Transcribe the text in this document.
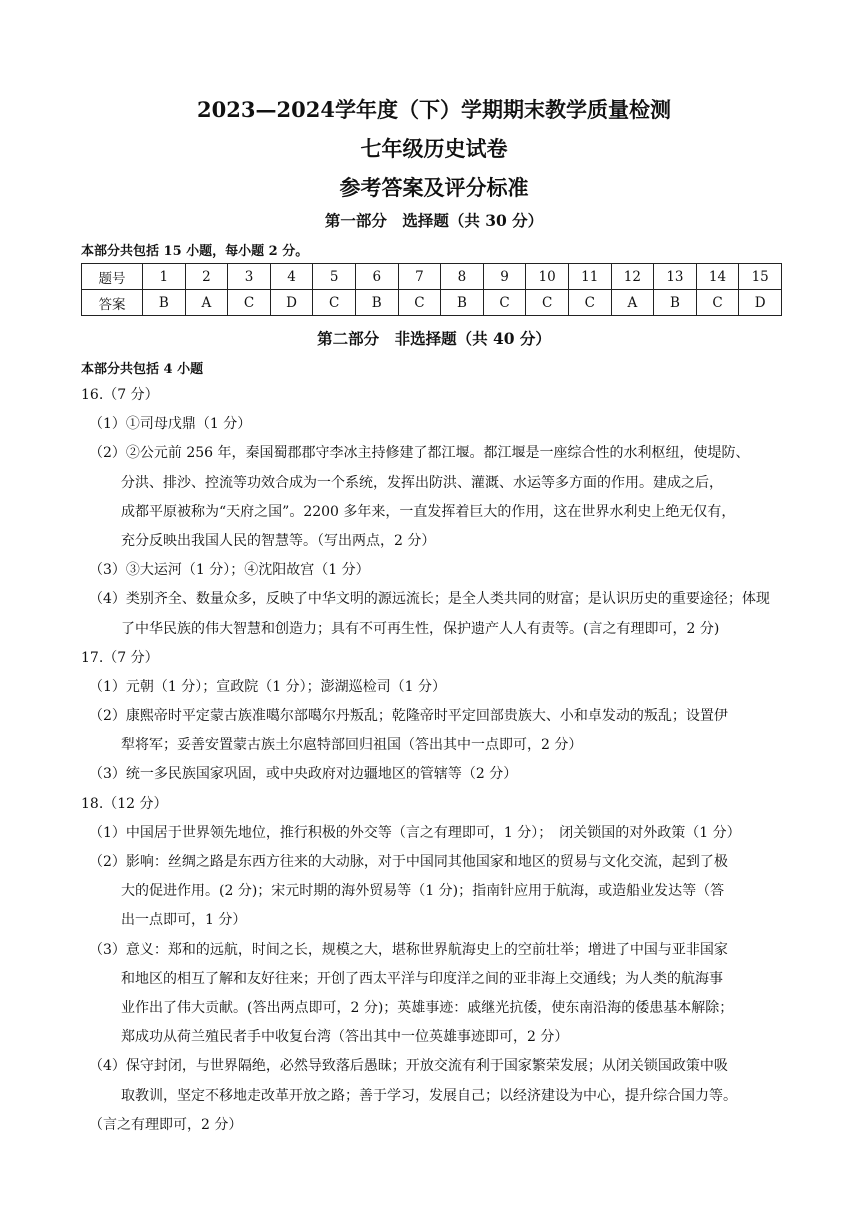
2023—2024学年度（下）学期期末教学质量检测
七年级历史试卷
参考答案及评分标准
第一部分　选择题（共 30 分）
本部分共包括 15 小题，每小题 2 分。
题号	1	2	3	4	5	6	7	8	9	10	11	12	13	14	15
答案	B	A	C	D	C	B	C	B	C	C	C	A	B	C	D
第二部分　非选择题（共 40 分）
本部分共包括 4 小题
16.（7 分）
（1）①司母戊鼎（1 分）
（2）②公元前 256 年，秦国蜀郡郡守李冰主持修建了都江堰。都江堰是一座综合性的水利枢纽，使堤防、
分洪、排沙、控流等功效合成为一个系统，发挥出防洪、灌溉、水运等多方面的作用。建成之后，
成都平原被称为“天府之国”。2200 多年来，一直发挥着巨大的作用，这在世界水利史上绝无仅有，
充分反映出我国人民的智慧等。（写出两点，2 分）
（3）③大运河（1 分）；④沈阳故宫（1 分）
（4）类别齐全、数量众多，反映了中华文明的源远流长；是全人类共同的财富；是认识历史的重要途径；体现
了中华民族的伟大智慧和创造力；具有不可再生性，保护遗产人人有责等。(言之有理即可，2 分)
17.（7 分）
（1）元朝（1 分）；宣政院（1 分）；澎湖巡检司（1 分）
（2）康熙帝时平定蒙古族准噶尔部噶尔丹叛乱；乾隆帝时平定回部贵族大、小和卓发动的叛乱；设置伊
犁将军；妥善安置蒙古族土尔扈特部回归祖国（答出其中一点即可，2 分）
（3）统一多民族国家巩固，或中央政府对边疆地区的管辖等（2 分）
18.（12 分）
（1）中国居于世界领先地位，推行积极的外交等（言之有理即可，1 分）；　闭关锁国的对外政策（1 分）
（2）影响：丝绸之路是东西方往来的大动脉，对于中国同其他国家和地区的贸易与文化交流，起到了极
大的促进作用。(2 分)；宋元时期的海外贸易等（1 分)；指南针应用于航海，或造船业发达等（答
出一点即可，1 分）
（3）意义：郑和的远航，时间之长，规模之大，堪称世界航海史上的空前壮举；增进了中国与亚非国家
和地区的相互了解和友好往来；开创了西太平洋与印度洋之间的亚非海上交通线；为人类的航海事
业作出了伟大贡献。(答出两点即可，2 分)；英雄事迹：戚继光抗倭，使东南沿海的倭患基本解除；
郑成功从荷兰殖民者手中收复台湾（答出其中一位英雄事迹即可，2 分）
（4）保守封闭，与世界隔绝，必然导致落后愚昧；开放交流有利于国家繁荣发展；从闭关锁国政策中吸
取教训，坚定不移地走改革开放之路；善于学习，发展自己；以经济建设为中心，提升综合国力等。
（言之有理即可，2 分）
